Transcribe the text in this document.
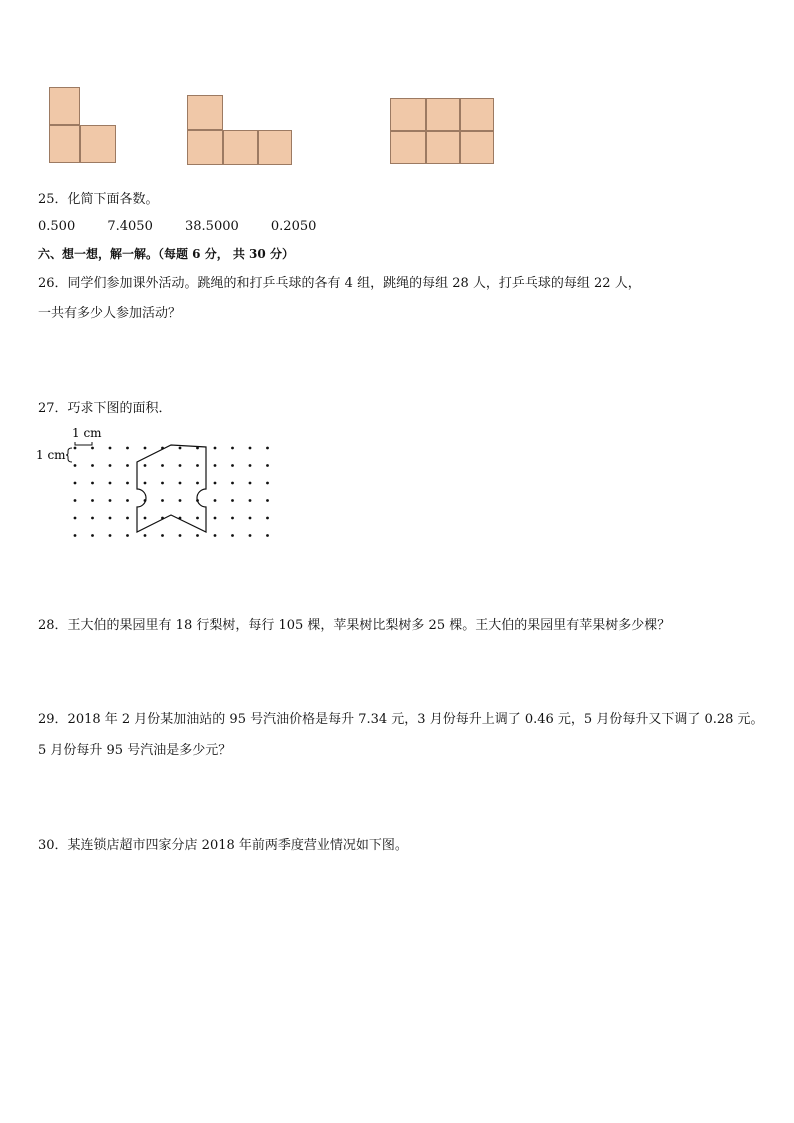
25．化简下面各数。
0.500 7.4050 38.5000 0.2050
六、想一想，解一解。（每题 6 分， 共 30 分）
26．同学们参加课外活动。跳绳的和打乒乓球的各有 4 组，跳绳的每组 28 人，打乒乓球的每组 22 人，
一共有多少人参加活动？
27．巧求下图的面积．
1 cm
1 cm
28．王大伯的果园里有 18 行梨树，每行 105 棵，苹果树比梨树多 25 棵。王大伯的果园里有苹果树多少棵？
29．2018 年 2 月份某加油站的 95 号汽油价格是每升 7.34 元，3 月份每升上调了 0.46 元，5 月份每升又下调了 0.28 元。
5 月份每升 95 号汽油是多少元？
30．某连锁店超市四家分店 2018 年前两季度营业情况如下图。
